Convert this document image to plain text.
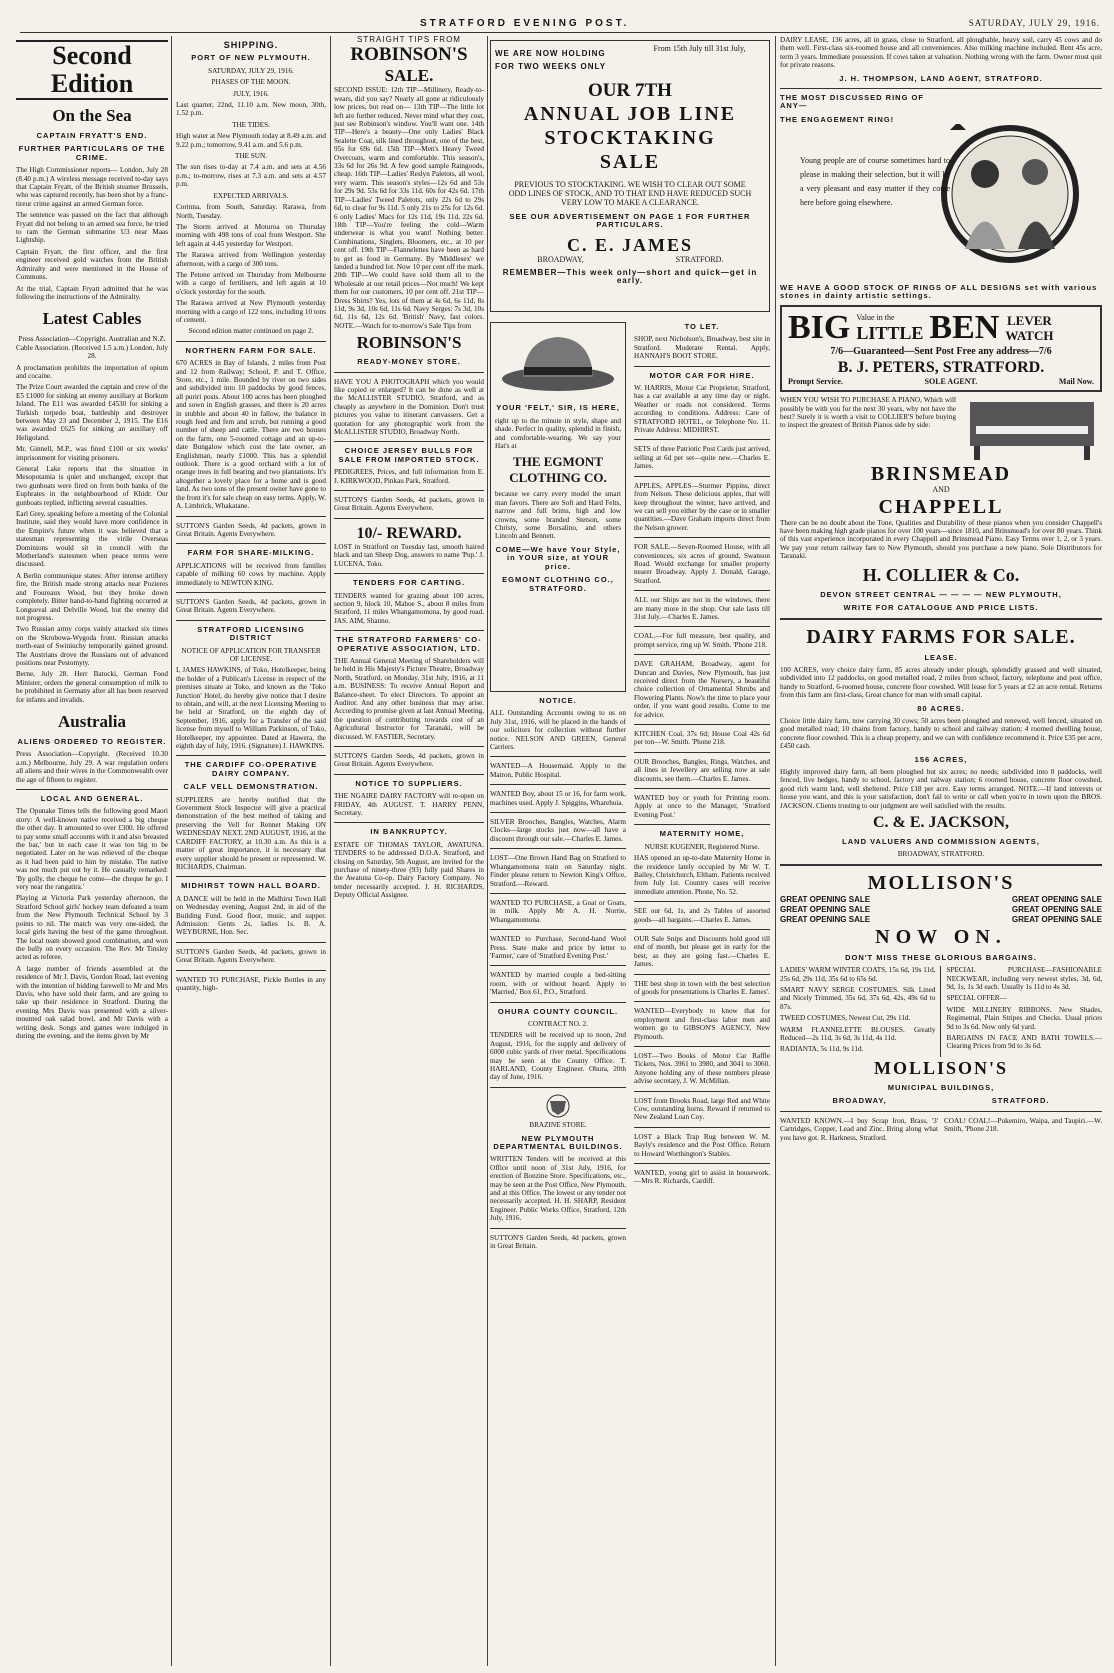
STRATFORD EVENING POST.	SATURDAY, JULY 29, 1916.
Second Edition
On the Sea
CAPTAIN FRYATT'S END.
FURTHER PARTICULARS OF THE CRIME.

The High Commissioner reports— London, July 28 (8.40 p.m.) A wireless message received to-day says that Captain Fryatt, of the British steamer Brussels, who was captured recently, has been shot by a franc-tireur crime against an armed German force.

The sentence was passed on the fact that although Fryatt did not belong to an armed sea force, he tried to ram the German submarine U3 near Maas Lightship.

Captain Fryatt, the first officer, and the first engineer received gold watches from the British Admiralty and were mentioned in the House of Commons.

At the trial, Captain Fryatt admitted that he was following the instructions of the Admiralty.

Latest Cables

Press Association—Copyright. Australian and N.Z. Cable Association. (Received 1.5 a.m.) London, July 28.

A proclamation prohibits the importation of opium and cocaine.

The Prize Court awarded the captain and crew of the E5 £1000 for sinking an enemy auxiliary at Borkum Island. The E11 was awarded £4530 for sinking a Turkish torpedo boat, battleship and destroyer between May 23 and December 2, 1915. The E16 was awarded £625 for sinking an auxiliary off Heligoland.

Mr. Ginnell, M.P., was fined £100 or six weeks' imprisonment for visiting prisoners.

General Lake reports that the situation in Mesopotamia is quiet and unchanged, except that two gunboats were fired on from both banks of the Euphrates in the neighbourhood of Khidr. Our gunboats replied, inflicting several casualties.

Earl Grey, speaking before a meeting of the Colonial Institute, said they would have more confidence in the Empire's future when it was believed that a statesman representing the virile Overseas Dominions would sit in council with the Motherland's statesmen when peace terms were discussed.

A Berlin communique states: After intense artillery fire, the British made strong attacks near Pozieres and Foureaux Wood, but they broke down completely. Bitter hand-to-hand fighting occurred at Longueval and Delville Wood, but the enemy did not progress.

Two Russian army corps vainly attacked six times on the Skrobowa-Wygoda front. Russian attacks north-east of Swiniuchy temporarily gained ground. The Austrians drove the Russians out of advanced positions near Pestomyty.

Berne, July 28. Herr Batocki, German Food Minister, orders the general consumption of milk to be prohibited in Germany after all has been reserved for infants and invalids.

Australia
ALIENS ORDERED TO REGISTER.

Press Association—Copyright. (Received 10.30 a.m.) Melbourne, July 29. A war regulation orders all aliens and their wives in the Commonwealth over the age of fifteen to register.

LOCAL AND GENERAL.

The Opunake Times tells the following good Maori story: A well-known native received a big cheque the other day. It amounted to over £300. He offered to pay some small accounts with it and also 'breasted the bar,' but in each case it was too big to be negotiated. Later on he was relieved of the cheque as it had been paid to him by mistake. The native was not much put out by it. He casually remarked: 'By golly, the cheque he come—the cheque he go. I very near the rangatira.'

Playing at Victoria Park yesterday afternoon, the Stratford School girls' hockey team defeated a team from the New Plymouth Technical School by 3 points to nil. The match was very one-sided, the local girls having the best of the game throughout. The local team showed good combination, and won the bully on every occasion. The Rev. Mr Tinsley acted as referee.

A large number of friends assembled at the residence of Mr J. Davis, Gordon Road, last evening with the intention of bidding farewell to Mr and Mrs Davis, who have sold their farm, and are going to take up their residence in Stratford. During the evening Mrs Davis was presented with a silver-mounted oak salad bowl, and Mr Davis with a writing desk. Songs and games were indulged in during the evening, and the items given by Mr

SHIPPING.
PORT OF NEW PLYMOUTH.

SATURDAY, JULY 29, 1916.

PHASES OF THE MOON.

JULY, 1916.

Last quarter, 22nd, 11.10 a.m. New moon, 30th, 1.52 p.m.

THE TIDES.

High water at New Plymouth today at 8.49 a.m. and 9.22 p.m.; tomorrow, 9.41 a.m. and 5.6 p.m.

THE SUN.

The sun rises to-day at 7.4 a.m. and sets at 4.56 p.m.; to-morrow, rises at 7.3 a.m. and sets at 4.57 p.m.

EXPECTED ARRIVALS.

Corinna, from South, Saturday. Rarawa, from North, Tuesday.

The Storm arrived at Moturoa on Thursday morning with 498 tons of coal from Westport. She left again at 4.45 yesterday for Westport.

The Rarawa arrived from Wellington yesterday afternoon, with a cargo of 300 tons.

The Petone arrived on Thursday from Melbourne with a cargo of fertilisers, and left again at 10 o'clock yesterday for the south.

The Rarawa arrived at New Plymouth yesterday morning with a cargo of 122 tons, including 10 tons of cement.

Second edition matter continued on page 2.

NORTHERN FARM FOR SALE.

670 ACRES in Bay of Islands, 2 miles from Post and 12 from Railway; School, P. and T. Office, Store, etc., 1 mile. Bounded by river on two sides and subdivided into 10 paddocks by good fences, all puriri posts. About 100 acres has been ploughed and sown in English grasses, and there is 20 acres in stubble and about 40 in fallow, the balance in rough feed and fern and scrub, but running a good number of sheep and cattle. There are two houses on the farm, one 5-roomed cottage and an up-to-date Bungalow which cost the late owner, an Englishman, nearly £1000. This has a splendid outlook. There is a good orchard with a lot of orange trees in full bearing and two plantations. It's altogether a lovely place for a home and is good land. As two sons of the present owner have gone to the front it's for sale cheap on easy terms. Apply, W. A. Limbrick, Whakatane.

SUTTON'S Garden Seeds, 4d packets, grown in Great Britain. Agents Everywhere.

FARM FOR SHARE-MILKING.

APPLICATIONS will be received from families capable of milking 60 cows by machine. Apply immediately to NEWTON KING.

SUTTON'S Garden Seeds, 4d packets, grown in Great Britain. Agents Everywhere.

STRATFORD LICENSING DISTRICT

NOTICE OF APPLICATION FOR TRANSFER OF LICENSE.

I, JAMES HAWKINS, of Toko, Hotelkeeper, being the holder of a Publican's License in respect of the premises situate at Toko, and known as the 'Toko Junction' Hotel, do hereby give notice that I desire to obtain, and will, at the next Licensing Meeting to be held at Stratford, on the eighth day of September, 1916, apply for a Transfer of the said license from myself to William Parkinson, of Toko, Hotelkeeper, my appointee. Dated at Hawera, the eighth day of July, 1916. (Signature) J. HAWKINS.

THE CARDIFF CO-OPERATIVE DAIRY COMPANY.
CALF VELL DEMONSTRATION.

SUPPLIERS are hereby notified that the Government Stock Inspector will give a practical demonstration of the best method of taking and preserving the Vell for Rennet Making ON WEDNESDAY NEXT, 2ND AUGUST, 1916, at the CARDIFF FACTORY, at 10.30 a.m. As this is a matter of great importance, it is necessary that every supplier should be present or represented. W. RICHARDS, Chairman.

MIDHIRST TOWN HALL BOARD.

A DANCE will be held in the Midhirst Town Hall on Wednesday evening, August 2nd, in aid of the Building Fund. Good floor, music, and supper. Admission: Gents 2s, ladies 1s. B. A. WEYBURNE, Hon. Sec.

SUTTON'S Garden Seeds, 4d packets, grown in Great Britain. Agents Everywhere.

WANTED TO PURCHASE, Pickle Bottles in any quantity, high-

STRAIGHT TIPS FROM
ROBINSON'S
SALE.

SECOND ISSUE: 12th TIP—Millinery, Ready-to-wears, did you say? Nearly all gone at ridiculously low prices, but read on— 13th TIP—The little lot left are further reduced. Never mind what they cost, just see Robinson's window. You'll want one. 14th TIP—Here's a beauty—One only Ladies' Black Sealette Coat, silk lined throughout, one of the best, 95s for 69s 6d. 15th TIP—Men's Heavy Tweed Overcoats, warm and comfortable. This season's, 33s 6d for 26s 9d. A few good sample Raingoods, cheap. 16th TIP—Ladies' Reslyn Paletots, all wool, very warm. This season's styles—12s 6d and 53s for 29s 9d. 53s 6d for 33s 11d. 60s for 42s 6d. 17th TIP—Ladies' Tweed Paletots, only 22s 6d to 29s 6d, to clear for 9s 11d. 5 only 21s to 25s for 12s 6d. 6 only Ladies' Macs for 12s 11d, 19s 11d, 22s 6d. 18th TIP—You're feeling the cold—Warm underwear is what you want! Nothing better. Combinations, Singlets, Bloomers, etc., at 10 per cent off. 19th TIP—Flannelettes have been as hard to get as food in Germany. By 'Middlesex' we landed a hundred lot. Now 10 per cent off the mark. 20th TIP—We could have sold them all to the Wholesale at our retail prices—Not much! We kept them for our customers, 10 per cent off. 21st TIP—Dress Shirts? Yes, lots of them at 4s 6d, 6s 11d, 8s 11d, 9s 3d, 10s 6d, 11s 6d. Navy Serges: 7s 3d, 10s 6d, 11s 6d, 12s 6d. 'British' Navy, fast colors. NOTE.—Watch for to-morrow's Sale Tips from

ROBINSON'S
READY-MONEY STORE.

HAVE YOU A PHOTOGRAPH which you would like copied or enlarged? It can be done as well at the McALLISTER STUDIO, Stratford, and as cheaply as anywhere in the Dominion. Don't trust pictures you value to itinerant canvassers. Get a quotation for any photographic work from the McALLISTER STUDIO, Broadway North.

CHOICE JERSEY BULLS FOR SALE FROM IMPORTED STOCK.

PEDIGREES, Prices, and full information from E. J. KIRKWOOD, Pinkau Park, Stratford.

SUTTON'S Garden Seeds, 4d packets, grown in Great Britain. Agents Everywhere.

10/- REWARD.

LOST in Stratford on Tuesday last, smooth haired black and tan Sheep Dog, answers to name 'Pup.' J. LUCENA, Toko.

TENDERS FOR CARTING.

TENDERS wanted for grazing about 100 acres, section 9, block 10, Mahoe S., about 8 miles from Stratford, 11 miles Whangamomona, by good road. JAS. AIM, Shanno.

THE STRATFORD FARMERS' CO-OPERATIVE ASSOCIATION, LTD.

THE Annual General Meeting of Shareholders will be held in His Majesty's Picture Theatre, Broadway North, Stratford, on Monday, 31st July, 1916, at 11 a.m. BUSINESS: To receive Annual Report and Balance-sheet. To elect Directors. To appoint an Auditor. And any other business that may arise. According to promise given at last Annual Meeting, the question of contributing towards cost of an Agricultural Instructor for Taranaki, will be discussed. W. FASTIER, Secretary.

SUTTON'S Garden Seeds, 4d packets, grown in Great Britain. Agents Everywhere.

NOTICE TO SUPPLIERS.

THE NGAIRE DAIRY FACTORY will re-open on FRIDAY, 4th AUGUST. T. HARRY PENN, Secretary.

IN BANKRUPTCY.

ESTATE OF THOMAS TAYLOR, AWATUNA. TENDERS to be addressed D.O.A. Stratford, and closing on Saturday, 5th August, are invited for the purchase of ninety-three (93) fully paid Shares in the Awatuna Co-op. Dairy Factory Company. No tender necessarily accepted. J. H. RICHARDS, Deputy Official Assignee.

WE ARE NOW HOLDING
FOR TWO WEEKS ONLY
From 15th July till 31st July,
OUR 7TH
ANNUAL JOB LINE
STOCKTAKING
SALE

PREVIOUS TO STOCKTAKING. WE WISH TO CLEAR OUT SOME ODD LINES OF STOCK, AND TO THAT END HAVE REDUCED SUCH VERY LOW TO MAKE A CLEARANCE.

SEE OUR ADVERTISEMENT ON PAGE 1 FOR FURTHER PARTICULARS.
C. E. JAMES
BROADWAY,	STRATFORD.
REMEMBER—This week only—short and quick—get in early.
YOUR 'FELT,' SIR, IS HERE,

right up to the minute in style, shape and shade. Perfect in quality, splendid in finish, and comfortable-wearing. We say your Hat's at

THE EGMONT CLOTHING CO.

because we carry every model the smart man favors. There are Soft and Hard Felts, narrow and full brims, high and low crowns, some branded Stetson, some Christy, some Borsalino, and others Lincoln and Bennett.

COME—We have Your Style, in YOUR size, at YOUR price.
EGMONT CLOTHING CO., STRATFORD.
NOTICE.

ALL Outstanding Accounts owing to us on July 31st, 1916, will be placed in the hands of our solicitors for collection without further notice. NELSON AND GREEN, General Carriers.

WANTED—A Housemaid. Apply to the Matron, Public Hospital.

WANTED Boy, about 15 or 16, for farm work, machines used. Apply J. Spiggins, Wharehuia.

SILVER Brooches, Bangles, Watches, Alarm Clocks—large stocks just now—all have a discount through our sale.—Charles E. James.

LOST—One Brown Hand Bag on Stratford to Whangamomona train on Saturday night. Finder please return to Newton King's Office, Stratford.—Reward.

WANTED TO PURCHASE, a Goat or Goats, in milk. Apply Mr A. H. Norrie, Whangamomona.

WANTED to Purchase, Second-hand Wool Press. State make and price by letter to 'Farmer,' care of 'Stratford Evening Post.'

WANTED by married couple a bed-sitting room, with or without board. Apply to 'Married,' Box 61, P.O., Stratford.

OHURA COUNTY COUNCIL.

CONTRACT NO. 2.

TENDERS will be received up to noon, 2nd August, 1916, for the supply and delivery of 6000 cubic yards of river metal. Specifications may be seen at the County Office. T. HARLAND, County Engineer. Ohura, 20th day of June, 1916.

BRAZINE STORE.

NEW PLYMOUTH DEPARTMENTAL BUILDINGS.

WRITTEN Tenders will be received at this Office until noon of 31st July, 1916, for erection of Bonzine Store. Specifications, etc., may be seen at the Post Office, New Plymouth, and at this Office. The lowest or any tender not necessarily accepted. H. H. SHARP, Resident Engineer. Public Works Office, Stratford, 12th July, 1916.

SUTTON'S Garden Seeds, 4d packets, grown in Great Britain.

TO LET.

SHOP, next Nicholson's, Broadway, best site in Stratford. Moderate Rental. Apply, HANNAH'S BOOT STORE.

MOTOR CAR FOR HIRE.

W. HARRIS, Motor Car Proprietor, Stratford, has a car available at any time day or night. Weather or roads not considered. Terms according to conditions. Address: Care of STRATFORD HOTEL, or Telephone No. 11. Private Address: MIDHIRST.

SETS of three Patriotic Post Cards just arrived, selling at 6d per set—quite new.—Charles E. James.

APPLES, APPLES—Sturmer Pippins, direct from Nelson. These delicious apples, that will keep throughout the winter, have arrived, and we can sell you either by the case or in smaller quantities.—Dave Graham imports direct from the Nelson grower.

FOR SALE.—Seven-Roomed House, with all conveniences, six acres of ground, Swanson Road. Would exchange for smaller property nearer Broadway. Apply J. Donald, Garage, Stratford.

ALL our Ships are not in the windows, there are many more in the shop. Our sale lasts till 31st July.—Charles E. James.

COAL.—For full measure, best quality, and prompt service, ring up W. Smith. 'Phone 218.

DAVE GRAHAM, Broadway, agent for Duncan and Davies, New Plymouth, has just received direct from the Nursery, a beautiful choice collection of Ornamental Shrubs and Flowering Plants. Now's the time to place your order, if you want good results. Come to me for advice.

KITCHEN Coal, 37s 6d; House Coal 42s 6d per ton—W. Smith. 'Phone 218.

OUR Brooches, Bangles, Rings, Watches, and all lines in Jewellery are selling now at sale discounts, see them.—Charles E. James.

WANTED boy or youth for Printing room. Apply at once to the Manager, 'Stratford Evening Post.'

MATERNITY HOME,

NURSE KUGENER, Registered Nurse.

HAS opened an up-to-date Maternity Home in the residence lately occupied by Mr W. T. Bailey, Christchurch, Eltham. Patients received from July 1st. Country cases will receive immediate attention. Phone, No. 52.

SEE our 6d, 1s, and 2s Tables of assorted goods—all bargains.—Charles E. James.

OUR Sale Snips and Discounts hold good till end of month, but please get in early for the best, as they are going fast.—Charles E. James.

THE best shop in town with the best selection of goods for presentations is Charles E. James'.

WANTED—Everybody to know that for employment and first-class labor men and women go to GIBSON'S AGENCY, New Plymouth.

LOST—Two Books of Motor Car Raffle Tickets, Nos. 3961 to 3980, and 3041 to 3060. Anyone holding any of these numbers please advise secretary, J. W. McMillan.

LOST from Brooks Road, large Red and White Cow, outstanding horns. Reward if returned to New Zealand Loan Coy.

LOST a Black Trap Rug between W. M. Bayly's residence and the Post Office. Return to Howard Worthington's Stables.

WANTED, young girl to assist in housework.—Mrs R. Richards, Cardiff.

DAIRY LEASE, 136 acres, all in grass, close to Stratford, all ploughable, heavy soil, carry 45 cows and do them well. First-class six-roomed house and all conveniences. Also milking machine included. Rent 45s acre, term 3 years. Immediate possession. If cows taken at valuation. Nothing wrong with the farm. Owner must quit for private reasons.

J. H. THOMPSON, LAND AGENT, STRATFORD.
THE MOST DISCUSSED RING OF ANY—
THE ENGAGEMENT RING!

Young people are of course sometimes hard to please in making their selection, but it will be a very pleasant and easy matter if they come here before going elsewhere.

WE HAVE A GOOD STOCK OF RINGS OF ALL DESIGNS set with various stones in dainty artistic settings.
BIG Value in the
LITTLE BEN LEVER
WATCH
7/6—Guaranteed—Sent Post Free any address—7/6
B. J. PETERS, STRATFORD.
Prompt Service.	SOLE AGENT.	Mail Now.

WHEN YOU WISH TO PURCHASE A PIANO, Which will possibly be with you for the next 30 years, why not have the best? Surely it is worth a visit to COLLIER'S before buying to inspect the greatest of British Pianos side by side:

BRINSMEAD
AND
CHAPPELL

There can be no doubt about the Tone, Qualities and Durability of these pianos when you consider Chappell's have been making high grade pianos for over 100 years—since 1810, and Brinsmead's for over 80 years. Think of this vast experience incorporated in every Chappell and Brinsmead Piano. Easy Terms over 1, 2, or 3 years. We pay your return railway fare to New Plymouth, should you purchase a new piano. Sole Distributors for Taranaki.

H. COLLIER & Co.
DEVON STREET CENTRAL — — — — NEW PLYMOUTH,
WRITE FOR CATALOGUE AND PRICE LISTS.
DAIRY FARMS FOR SALE.
LEASE.

100 ACRES, very choice dairy farm, 85 acres already under plough, splendidly grassed and well situated, subdivided into 12 paddocks, on good metalled road, 2 miles from school, factory, telephone and post office, handy to Stratford. 6-roomed house, concrete floor cowshed. Will lease for 5 years at £2 an acre rental. Returns from this farm are first-class, Great chance for man with small capital.

80 ACRES.

Choice little dairy farm, now carrying 30 cows; 50 acres been ploughed and renewed, well fenced, situated on good metalled road; 10 chains from factory, handy to school and railway station; 4 roomed dwelling house, concrete floor cowshed. This is a cheap property, and we can with confidence recommend it. Price £35 per acre, £450 cash.

156 ACRES,

Highly improved dairy farm, all been ploughed but six acres; no needs; subdivided into 8 paddocks, well fenced, live hedges, handy to school, factory and railway station; 6 roomed house, concrete floor cowshed, good rich warm land, well sheltered. Price £18 per acre. Easy terms arranged. NOTE.—If land interests or house you want, and this is your satisfaction, don't fail to write or call when you're in town upon the BROS. JACKSON. Clients trusting to our judgment are well satisfied with the results.

C. & E. JACKSON,
LAND VALUERS AND COMMISSION AGENTS,

BROADWAY, STRATFORD.

MOLLISON'S
GREAT OPENING SALE
GREAT OPENING SALE
GREAT OPENING SALE
GREAT OPENING SALE
GREAT OPENING SALE
GREAT OPENING SALE
NOW ON.
DON'T MISS THESE GLORIOUS BARGAINS.

LADIES' WARM WINTER COATS, 15s 6d, 19s 11d, 25s 6d, 29s 11d, 35s 6d to 65s 6d.

SMART NAVY SERGE COSTUMES. Silk Lined and Nicely Trimmed, 35s 6d, 37s 6d, 42s, 49s 6d to 87s.

TWEED COSTUMES, Newest Cut, 29s 11d.

WARM FLANNELETTE BLOUSES. Greatly Reduced—2s 11d, 3s 6d, 3s 11d, 4s 11d.

RADIANTA, 5s 11d, 9s 11d.

SPECIAL PURCHASE—FASHIONABLE NECKWEAR, including very newest styles, 3d, 6d, 9d, 1s, 1s 3d each. Usually 1s 11d to 4s 3d.

SPECIAL OFFER—

WIDE MILLINERY RIBBONS. New Shades, Regimental, Plain Stripes and Checks. Usual prices 9d to 3s 6d. Now only 6d yard.

BARGAINS IN FACE AND BATH TOWELS.—Clearing Prices from 9d to 3s 6d.

MOLLISON'S
MUNICIPAL BUILDINGS,
BROADWAY,	STRATFORD.

WANTED KNOWN.—I buy Scrap Iron, Brass, '3' Cartridges, Copper, Lead and Zinc. Bring along what you have got. R. Harkness, Stratford.

COAL! COAL!—Pukemiro, Waipa, and Taupiri.—W. Smith, 'Phone 218.
